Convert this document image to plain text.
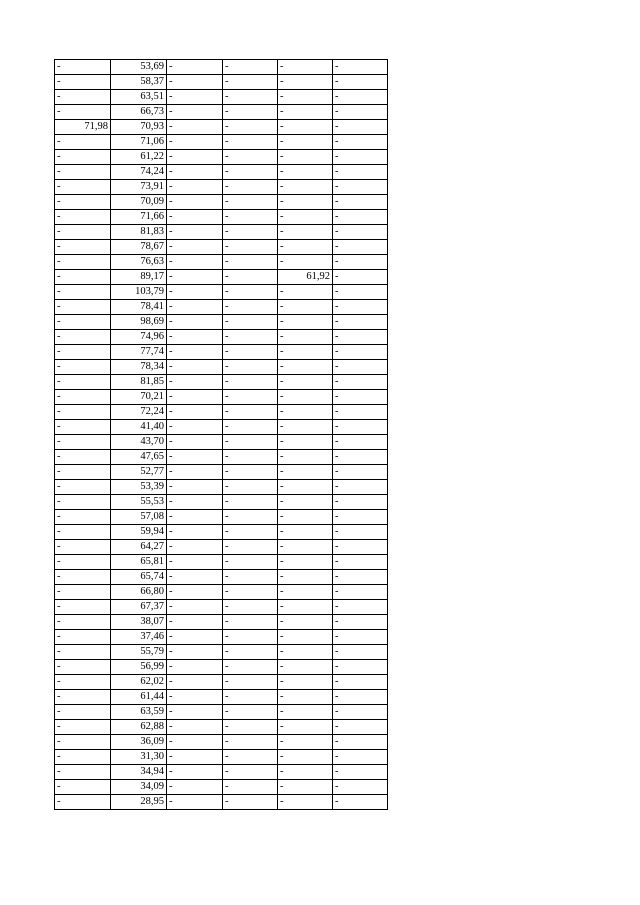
-	53,69	-	-	-	-
-	58,37	-	-	-	-
-	63,51	-	-	-	-
-	66,73	-	-	-	-
71,98	70,93	-	-	-	-
-	71,06	-	-	-	-
-	61,22	-	-	-	-
-	74,24	-	-	-	-
-	73,91	-	-	-	-
-	70,09	-	-	-	-
-	71,66	-	-	-	-
-	81,83	-	-	-	-
-	78,67	-	-	-	-
-	76,63	-	-	-	-
-	89,17	-	-	61,92	-
-	103,79	-	-	-	-
-	78,41	-	-	-	-
-	98,69	-	-	-	-
-	74,96	-	-	-	-
-	77,74	-	-	-	-
-	78,34	-	-	-	-
-	81,85	-	-	-	-
-	70,21	-	-	-	-
-	72,24	-	-	-	-
-	41,40	-	-	-	-
-	43,70	-	-	-	-
-	47,65	-	-	-	-
-	52,77	-	-	-	-
-	53,39	-	-	-	-
-	55,53	-	-	-	-
-	57,08	-	-	-	-
-	59,94	-	-	-	-
-	64,27	-	-	-	-
-	65,81	-	-	-	-
-	65,74	-	-	-	-
-	66,80	-	-	-	-
-	67,37	-	-	-	-
-	38,07	-	-	-	-
-	37,46	-	-	-	-
-	55,79	-	-	-	-
-	56,99	-	-	-	-
-	62,02	-	-	-	-
-	61,44	-	-	-	-
-	63,59	-	-	-	-
-	62,88	-	-	-	-
-	36,09	-	-	-	-
-	31,30	-	-	-	-
-	34,94	-	-	-	-
-	34,09	-	-	-	-
-	28,95	-	-	-	-
